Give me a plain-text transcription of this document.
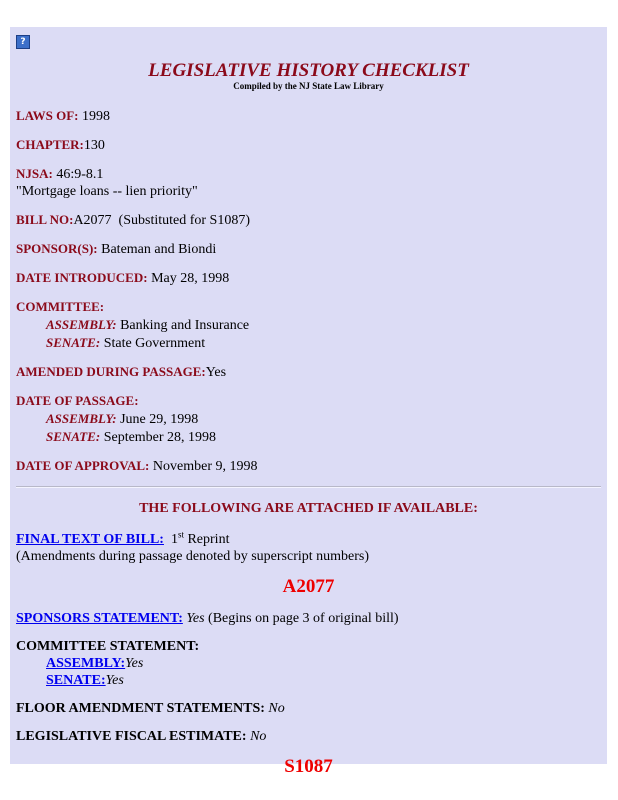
?
LEGISLATIVE HISTORY CHECKLIST
Compiled by the NJ State Law Library
LAWS OF: 1998
CHAPTER:130
NJSA: 46:9-8.1
"Mortgage loans -- lien priority"
BILL NO:A2077  (Substituted for S1087)
SPONSOR(S): Bateman and Biondi
DATE INTRODUCED: May 28, 1998
COMMITTEE:

ASSEMBLY: Banking and Insurance
SENATE: State Government
AMENDED DURING PASSAGE:Yes
DATE OF PASSAGE:

ASSEMBLY: June 29, 1998
SENATE: September 28, 1998
DATE OF APPROVAL: November 9, 1998
THE FOLLOWING ARE ATTACHED IF AVAILABLE:
FINAL TEXT OF BILL: 1st Reprint
(Amendments during passage denoted by superscript numbers)
A2077
SPONSORS STATEMENT: Yes (Begins on page 3 of original bill)
COMMITTEE STATEMENT:
ASSEMBLY:Yes
SENATE:Yes
FLOOR AMENDMENT STATEMENTS: No
LEGISLATIVE FISCAL ESTIMATE: No
S1087
